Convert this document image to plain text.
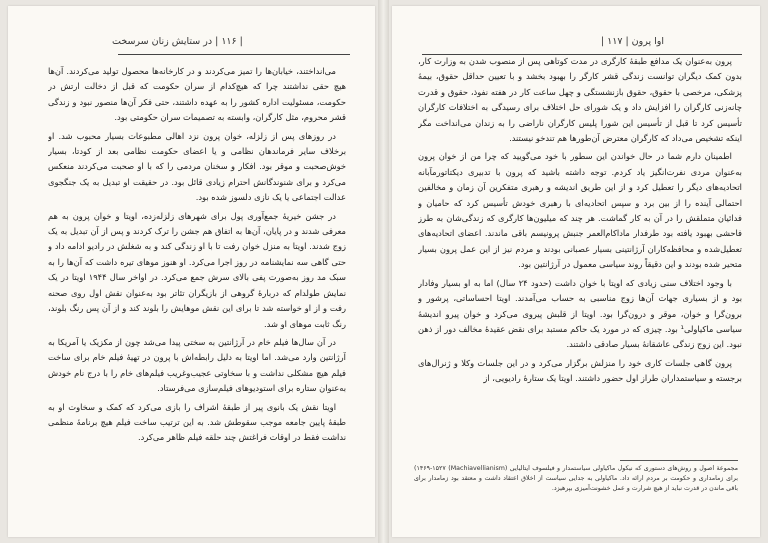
| ۱۱۶ | در ستایش زنان سرسخت

می‌انداختند، خیابان‌ها را تمیز می‌کردند و در کارخانه‌ها محصول تولید می‌کردند. آن‌ها هیچ حقی نداشتند چرا که هیچ‌کدام از سران حکومت که قبل از دخالت ارتش در حکومت، مسئولیت اداره کشور را به عهده داشتند، حتی فکر آن‌ها منصور نبود و زندگی قشر محروم، مثل کارگران، وابسته به تصمیمات سران حکومتی بود.

در روزهای پس از زلزله، خوان پرون نزد اهالی مطبوعات بسیار محبوب شد. او برخلاف سایر فرماندهان نظامی و یا اعضای حکومت نظامی بعد از کودتا، بسیار خوش‌صحبت و موقر بود. افکار و سخنان مردمی را که با او صحبت می‌کردند منعکس می‌کرد و برای شنوندگانش احترام زیادی قائل بود. در حقیقت او تبدیل به یک جنگجوی عدالت اجتماعی یا یک نازی دلسوز شده بود.

در جشن خیریهٔ جمع‌آوری پول برای شهرهای زلزله‌زده، اویتا و خوان پرون به هم معرفی شدند و در پایان، آن‌ها به اتفاق هم جشن را ترک کردند و پس از آن تبدیل به یک زوج شدند. اویتا به منزل خوان رفت تا با او زندگی کند و به شغلش در رادیو ادامه داد و حتی گاهی سه نمایشنامه در روز اجرا می‌کرد. او هنوز موهای تیره داشت که آن‌ها را به سبک مد روز به‌صورت پفی بالای سرش جمع می‌کرد. در اواخر سال ۱۹۴۴ اویتا در یک نمایش طولدام که دربارهٔ گروهی از بازیگران تئاتر بود به‌عنوان نقش اول روی صحنه رفت و از او خواسته شد تا برای این نقش موهایش را بلوند کند و از آن پس رنگ بلوند، رنگ ثابت موهای او شد.

در آن سال‌ها فیلم خام در آرژانتین به سختی پیدا می‌شد چون از مکزیک یا آمریکا به آرژانتین وارد می‌شد. اما اویتا به دلیل رابطه‌اش با پرون در تهیهٔ فیلم خام برای ساخت فیلم هیچ مشکلی نداشت و با سخاوتی عجیب‌وغریب فیلم‌های خام را با درج نام خودش به‌عنوان ستاره برای استودیوهای فیلم‌سازی می‌فرستاد.

اویتا نقش یک بانوی پیر از طبقهٔ اشراف را بازی می‌کرد که کمک و سخاوت او به طبقهٔ پایین جامعه موجب سقوطش شد. به این ترتیب ساخت فیلم هیچ برنامهٔ منظمی نداشت فقط در اوقات فراغتش چند حلقه فیلم ظاهر می‌کرد.

اوا پرون | ۱۱۷ |

پرون به‌عنوان یک مدافع طبقهٔ کارگری در مدت کوتاهی پس از منصوب شدن به وزارت کار، بدون کمک دیگران توانست زندگی قشر کارگر را بهبود بخشد و با تعیین حداقل حقوق، بیمهٔ پزشکی، مرخصی با حقوق، حقوق بازنشستگی و چهل ساعت کار در هفته نفوذ، حقوق و قدرت چانه‌زنی کارگران را افزایش داد و یک شورای حل اختلاف برای رسیدگی به اختلافات کارگران تأسیس کرد تا قبل از تأسیس این شورا پلیس کارگران ناراضی را به زندان می‌انداخت مگر اینکه تشخیص می‌داد که کارگران معترض آن‌طورها هم تندخو نیستند.

اطمینان دارم شما در حال خواندن این سطور با خود می‌گویید که چرا من از خوان پرون به‌عنوان مردی نفرت‌انگیز یاد کردم. توجه داشته باشید که پرون با تدبیری دیکتاتورمآبانه اتحادیه‌های دیگر را تعطیل کرد و از این طریق اندیشه و رهبری متفکرین آن زمان و مخالفین احتمالی آینده را از بین برد و سپس اتحادیه‌ای با رهبری خودش تأسیس کرد که حامیان و فدائیان متملقش را در آن به کار گماشت. هر چند که میلیون‌ها کارگری که زندگی‌شان به طرز فاحشی بهبود یافته بود طرفدار ماداکام‌العمر جنبش پرونیسم باقی ماندند. اعضای اتحادیه‌های تعطیل‌شده و محافظه‌کاران آرژانتینی بسیار عصبانی بودند و مردم نیز از این عمل پرون بسیار متحیر شده بودند و این دقیقاً روند سیاسی معمول در آرژانتین بود.

با وجود اختلاف سنی زیادی که اویتا با خوان داشت (حدود ۲۴ سال) اما به او بسیار وفادار بود و از بسیاری جهات آن‌ها زوج مناسبی به حساب می‌آمدند. اویتا احساساتی، پرشور و برون‌گرا و خوان، موقر و درون‌گرا بود. اویتا از قلبش پیروی می‌کرد و خوان پیرو اندیشهٔ سیاسی ماکیاولی¹ بود. چیزی که در مورد یک حاکم مستبد برای نقض عقیدهٔ مخالف دور از ذهن نبود. این زوج زندگی عاشقانهٔ بسیار صادقی داشتند.

پرون گاهی جلسات کاری خود را منزلش برگزار می‌کرد و در این جلسات وکلا و ژنرال‌های برجسته و سیاستمداران طراز اول حضور داشتند. اویتا یک ستارهٔ رادیویی، از

مجموعهٔ اصول و روش‌های دستوری که نیکول ماکیاولی سیاستمدار و فیلسوف ایتالیایی (Machiavellianism) ۱۴۶۹-۱۵۲۷) برای زمامداری و حکومت بر مردم ارائه داد. ماکیاولی به جدایی سیاست از اخلاق اعتقاد داشت و معتقد بود زمامدار برای باقی ماندن در قدرت نباید از هیچ شرارت و عمل خشونت‌آمیزی بپرهیزد.
